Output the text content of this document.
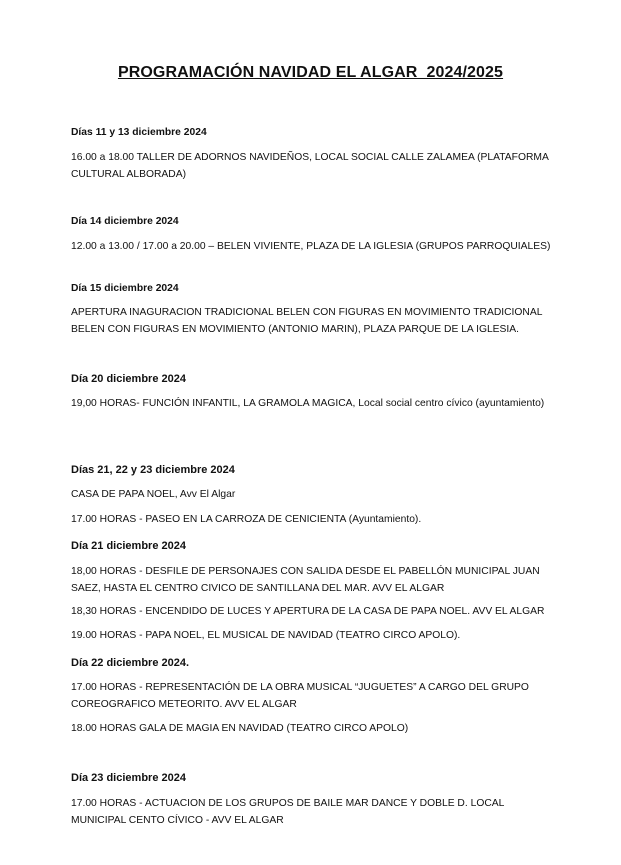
PROGRAMACIÓN NAVIDAD EL ALGAR  2024/2025
Días 11 y 13 diciembre 2024
16.00 a 18.00 TALLER DE ADORNOS NAVIDEÑOS, LOCAL SOCIAL CALLE ZALAMEA (PLATAFORMA CULTURAL ALBORADA)
Día 14 diciembre 2024
12.00 a 13.00 / 17.00 a 20.00 – BELEN VIVIENTE, PLAZA DE LA IGLESIA (GRUPOS PARROQUIALES)
Día 15 diciembre 2024
APERTURA INAGURACION TRADICIONAL BELEN CON FIGURAS EN MOVIMIENTO TRADICIONAL BELEN CON FIGURAS EN MOVIMIENTO (ANTONIO MARIN), PLAZA PARQUE DE LA IGLESIA.
Día 20 diciembre 2024
19,00 HORAS- FUNCIÓN INFANTIL, LA GRAMOLA MAGICA, Local social centro cívico (ayuntamiento)
Días 21, 22 y 23 diciembre 2024
CASA DE PAPA NOEL, Avv El Algar
17.00 HORAS - PASEO EN LA CARROZA DE CENICIENTA (Ayuntamiento).
Día 21 diciembre 2024
18,00 HORAS - DESFILE DE PERSONAJES CON SALIDA DESDE EL PABELLÓN MUNICIPAL JUAN SAEZ, HASTA EL CENTRO CIVICO DE SANTILLANA DEL MAR. AVV EL ALGAR
18,30 HORAS - ENCENDIDO DE LUCES Y APERTURA DE LA CASA DE PAPA NOEL. AVV EL ALGAR
19.00 HORAS - PAPA NOEL, EL MUSICAL DE NAVIDAD (TEATRO CIRCO APOLO).
Día 22 diciembre 2024.
17.00 HORAS - REPRESENTACIÓN DE LA OBRA MUSICAL “JUGUETES” A CARGO DEL GRUPO COREOGRAFICO METEORITO. AVV EL ALGAR
18.00 HORAS GALA DE MAGIA EN NAVIDAD (TEATRO CIRCO APOLO)
Día 23 diciembre 2024
17.00 HORAS - ACTUACION DE LOS GRUPOS DE BAILE MAR DANCE Y DOBLE D. LOCAL MUNICIPAL CENTO CÍVICO - AVV EL ALGAR
